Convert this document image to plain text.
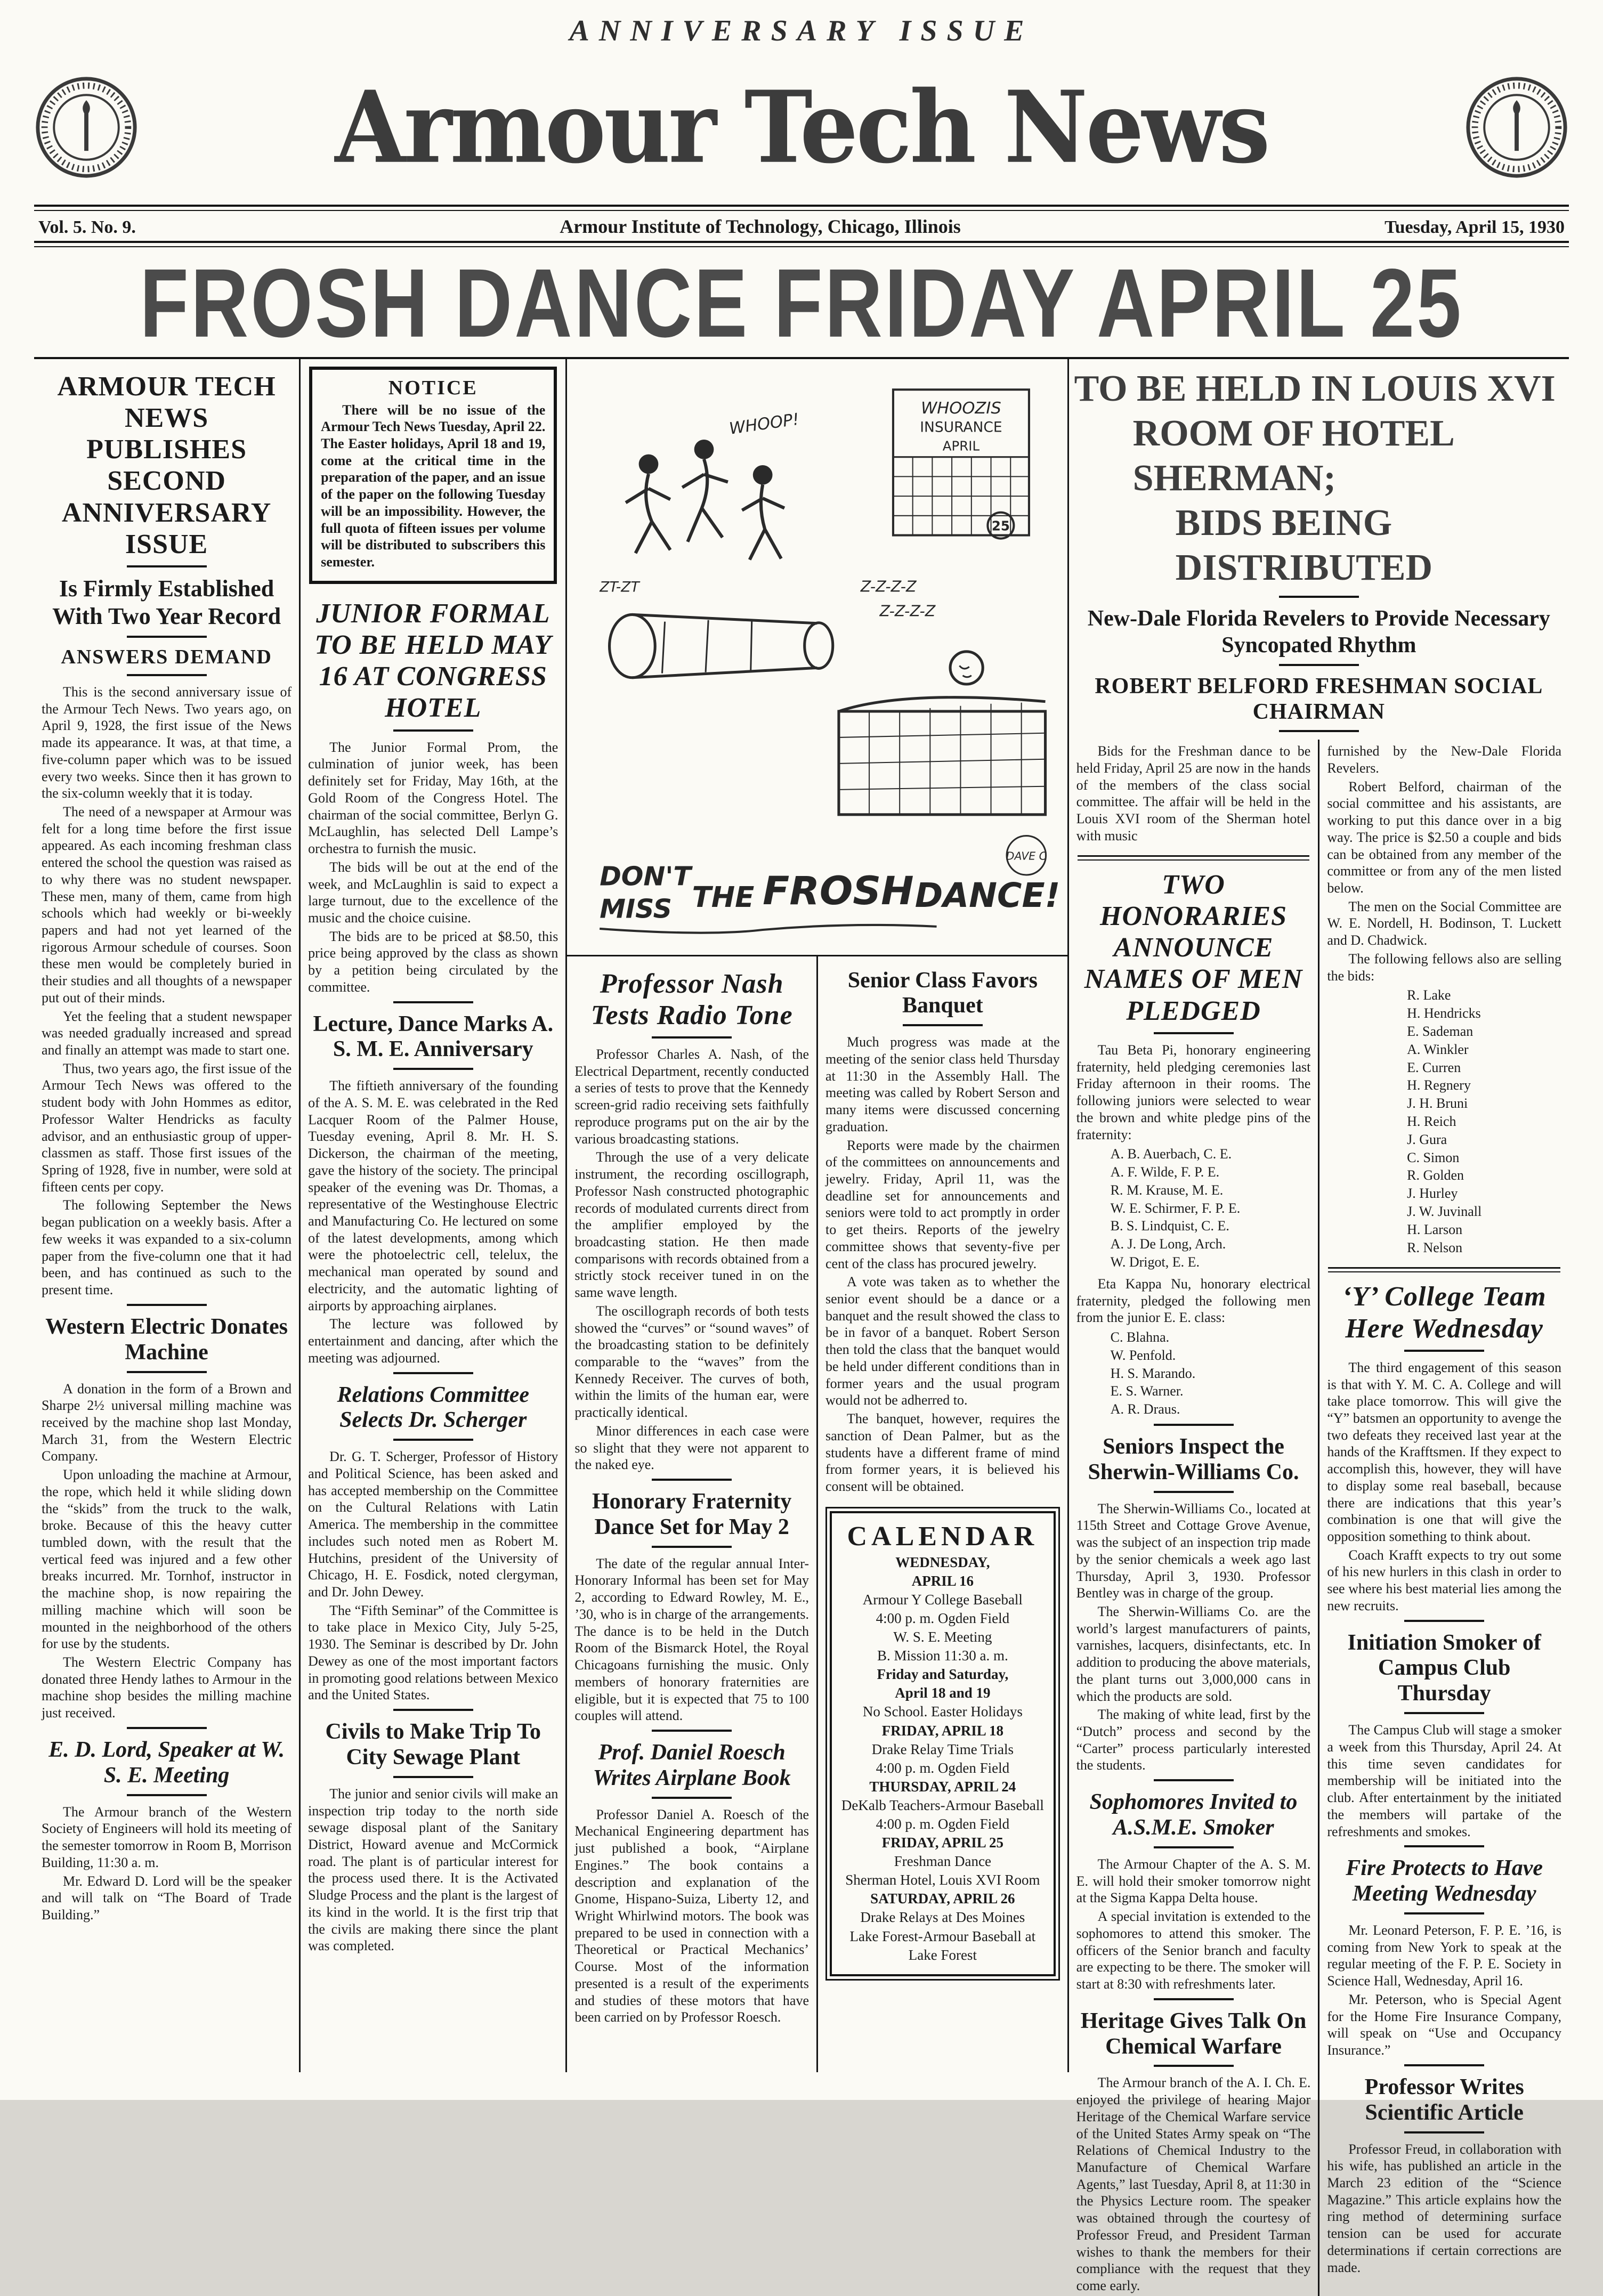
ANNIVERSARY ISSUE
Armour Tech News
Vol. 5. No. 9.	Armour Institute of Technology, Chicago, Illinois	Tuesday, April 15, 1930
FROSH DANCE FRIDAY APRIL 25
ARMOUR TECH NEWS PUBLISHES SECOND ANNIVERSARY ISSUE
Is Firmly Established With Two Year Record
ANSWERS DEMAND

This is the second anniversary issue of the Armour Tech News. Two years ago, on April 9, 1928, the first issue of the News made its appearance. It was, at that time, a five-column paper which was to be issued every two weeks. Since then it has grown to the six-column weekly that it is today.

The need of a newspaper at Armour was felt for a long time before the first issue appeared. As each incoming freshman class entered the school the question was raised as to why there was no student newspaper. These men, many of them, came from high schools which had weekly or bi-weekly papers and had not yet learned of the rigorous Armour schedule of courses. Soon these men would be completely buried in their studies and all thoughts of a newspaper put out of their minds.

Yet the feeling that a student newspaper was needed gradually increased and spread and finally an attempt was made to start one.

Thus, two years ago, the first issue of the Armour Tech News was offered to the student body with John Hommes as editor, Professor Walter Hendricks as faculty advisor, and an enthusiastic group of upper-classmen as staff. Those first issues of the Spring of 1928, five in number, were sold at fifteen cents per copy.

The following September the News began publication on a weekly basis. After a few weeks it was expanded to a six-column paper from the five-column one that it had been, and has continued as such to the present time.

Western Electric Donates Machine

A donation in the form of a Brown and Sharpe 2½ universal milling machine was received by the machine shop last Monday, March 31, from the Western Electric Company.

Upon unloading the machine at Armour, the rope, which held it while sliding down the “skids” from the truck to the walk, broke. Because of this the heavy cutter tumbled down, with the result that the vertical feed was injured and a few other breaks incurred. Mr. Tornhof, instructor in the machine shop, is now repairing the milling machine which will soon be mounted in the neighborhood of the others for use by the students.

The Western Electric Company has donated three Hendy lathes to Armour in the machine shop besides the milling machine just received.

E. D. Lord, Speaker at W. S. E. Meeting

The Armour branch of the Western Society of Engineers will hold its meeting of the semester tomorrow in Room B, Morrison Building, 11:30 a. m.

Mr. Edward D. Lord will be the speaker and will talk on “The Board of Trade Building.”

NOTICE

There will be no issue of the Armour Tech News Tuesday, April 22. The Easter holidays, April 18 and 19, come at the critical time in the preparation of the paper, and an issue of the paper on the following Tuesday will be an impossibility. However, the full quota of fifteen issues per volume will be distributed to subscribers this semester.

JUNIOR FORMAL TO BE HELD MAY 16 AT CONGRESS HOTEL

The Junior Formal Prom, the culmination of junior week, has been definitely set for Friday, May 16th, at the Gold Room of the Congress Hotel. The chairman of the social committee, Berlyn G. McLaughlin, has selected Dell Lampe’s orchestra to furnish the music.

The bids will be out at the end of the week, and McLaughlin is said to expect a large turnout, due to the excellence of the music and the choice cuisine.

The bids are to be priced at $8.50, this price being approved by the class as shown by a petition being circulated by the committee.

Lecture, Dance Marks A. S. M. E. Anniversary

The fiftieth anniversary of the founding of the A. S. M. E. was celebrated in the Red Lacquer Room of the Palmer House, Tuesday evening, April 8. Mr. H. S. Dickerson, the chairman of the meeting, gave the history of the society. The principal speaker of the evening was Dr. Thomas, a representative of the Westinghouse Electric and Manufacturing Co. He lectured on some of the latest developments, among which were the photoelectric cell, telelux, the mechanical man operated by sound and electricity, and the automatic lighting of airports by approaching airplanes.

The lecture was followed by entertainment and dancing, after which the meeting was adjourned.

Relations Committee Selects Dr. Scherger

Dr. G. T. Scherger, Professor of History and Political Science, has been asked and has accepted membership on the Committee on the Cultural Relations with Latin America. The membership in the committee includes such noted men as Robert M. Hutchins, president of the University of Chicago, H. E. Fosdick, noted clergyman, and Dr. John Dewey.

The “Fifth Seminar” of the Committee is to take place in Mexico City, July 5-25, 1930. The Seminar is described by Dr. John Dewey as one of the most important factors in promoting good relations between Mexico and the United States.

Civils to Make Trip To City Sewage Plant

The junior and senior civils will make an inspection trip today to the north side sewage disposal plant of the Sanitary District, Howard avenue and McCormick road. The plant is of particular interest for the process used there. It is the Activated Sludge Process and the plant is the largest of its kind in the world. It is the first trip that the civils are making there since the plant was completed.

WHOOZIS
INSURANCE
APRIL
25
WHOOP!
ZT-ZT	Z-Z-Z-Z
Z-Z-Z-Z
DAVE C
DON'T
MISS THE FROSH DANCE!
Professor Nash Tests Radio Tone

Professor Charles A. Nash, of the Electrical Department, recently conducted a series of tests to prove that the Kennedy screen-grid radio receiving sets faithfully reproduce programs put on the air by the various broadcasting stations.

Through the use of a very delicate instrument, the recording oscillograph, Professor Nash constructed photographic records of modulated currents direct from the amplifier employed by the broadcasting station. He then made comparisons with records obtained from a strictly stock receiver tuned in on the same wave length.

The oscillograph records of both tests showed the “curves” or “sound waves” of the broadcasting station to be definitely comparable to the “waves” from the Kennedy Receiver. The curves of both, within the limits of the human ear, were practically identical.

Minor differences in each case were so slight that they were not apparent to the naked eye.

Honorary Fraternity Dance Set for May 2

The date of the regular annual Inter-Honorary Informal has been set for May 2, according to Edward Rowley, M. E., ’30, who is in charge of the arrangements. The dance is to be held in the Dutch Room of the Bismarck Hotel, the Royal Chicagoans furnishing the music. Only members of honorary fraternities are eligible, but it is expected that 75 to 100 couples will attend.

Prof. Daniel Roesch Writes Airplane Book

Professor Daniel A. Roesch of the Mechanical Engineering department has just published a book, “Airplane Engines.” The book contains a description and explanation of the Gnome, Hispano-Suiza, Liberty 12, and Wright Whirlwind motors. The book was prepared to be used in connection with a Theoretical or Practical Mechanics’ Course. Most of the information presented is a result of the experiments and studies of these motors that have been carried on by Professor Roesch.

Senior Class Favors Banquet

Much progress was made at the meeting of the senior class held Thursday at 11:30 in the Assembly Hall. The meeting was called by Robert Serson and many items were discussed concerning graduation.

Reports were made by the chairmen of the committees on announcements and jewelry. Friday, April 11, was the deadline set for announcements and seniors were told to act promptly in order to get theirs. Reports of the jewelry committee shows that seventy-five per cent of the class has procured jewelry.

A vote was taken as to whether the senior event should be a dance or a banquet and the result showed the class to be in favor of a banquet. Robert Serson then told the class that the banquet would be held under different conditions than in former years and the usual program would not be adherred to.

The banquet, however, requires the sanction of Dean Palmer, but as the students have a different frame of mind from former years, it is believed his consent will be obtained.

CALENDAR
WEDNESDAY,
APRIL 16
Armour Y College Baseball
4:00 p. m. Ogden Field
W. S. E. Meeting
B. Mission 11:30 a. m.
Friday and Saturday,
April 18 and 19
No School. Easter Holidays
FRIDAY, APRIL 18
Drake Relay Time Trials
4:00 p. m. Ogden Field
THURSDAY, APRIL 24
DeKalb Teachers-Armour Baseball
4:00 p. m. Ogden Field
FRIDAY, APRIL 25
Freshman Dance
Sherman Hotel, Louis XVI Room
SATURDAY, APRIL 26
Drake Relays at Des Moines
Lake Forest-Armour Baseball at Lake Forest
TO BE HELD IN LOUIS XVI
ROOM OF HOTEL SHERMAN;
BIDS BEING DISTRIBUTED
New-Dale Florida Revelers to Provide Necessary Syncopated Rhythm
ROBERT BELFORD FRESHMAN SOCIAL CHAIRMAN

Bids for the Freshman dance to be held Friday, April 25 are now in the hands of the members of the class social committee. The affair will be held in the Louis XVI room of the Sherman hotel with music

TWO HONORARIES ANNOUNCE NAMES OF MEN PLEDGED

Tau Beta Pi, honorary engineering fraternity, held pledging ceremonies last Friday afternoon in their rooms. The following juniors were selected to wear the brown and white pledge pins of the fraternity:

A. B. Auerbach, C. E.
A. F. Wilde, F. P. E.
R. M. Krause, M. E.
W. E. Schirmer, F. P. E.
B. S. Lindquist, C. E.
A. J. De Long, Arch.
W. Drigot, E. E.

Eta Kappa Nu, honorary electrical fraternity, pledged the following men from the junior E. E. class:

C. Blahna.
W. Penfold.
H. S. Marando.
E. S. Warner.
A. R. Draus.
Seniors Inspect the Sherwin-Williams Co.

The Sherwin-Williams Co., located at 115th Street and Cottage Grove Avenue, was the subject of an inspection trip made by the senior chemicals a week ago last Thursday, April 3, 1930. Professor Bentley was in charge of the group.

The Sherwin-Williams Co. are the world’s largest manufacturers of paints, varnishes, lacquers, disinfectants, etc. In addition to producing the above materials, the plant turns out 3,000,000 cans in which the products are sold.

The making of white lead, first by the “Dutch” process and second by the “Carter” process particularly interested the students.

Sophomores Invited to A.S.M.E. Smoker

The Armour Chapter of the A. S. M. E. will hold their smoker tomorrow night at the Sigma Kappa Delta house.

A special invitation is extended to the sophomores to attend this smoker. The officers of the Senior branch and faculty are expecting to be there. The smoker will start at 8:30 with refreshments later.

Heritage Gives Talk On Chemical Warfare

The Armour branch of the A. I. Ch. E. enjoyed the privilege of hearing Major Heritage of the Chemical Warfare service of the United States Army speak on “The Relations of Chemical Industry to the Manufacture of Chemical Warfare Agents,” last Tuesday, April 8, at 11:30 in the Physics Lecture room. The speaker was obtained through the courtesy of Professor Freud, and President Tarman wishes to thank the members for their compliance with the request that they come early.

furnished by the New-Dale Florida Revelers.

Robert Belford, chairman of the social committee and his assistants, are working to put this dance over in a big way. The price is $2.50 a couple and bids can be obtained from any member of the committee or from any of the men listed below.

The men on the Social Committee are W. E. Nordell, H. Bodinson, T. Luckett and D. Chadwick.

The following fellows also are selling the bids:

R. Lake
H. Hendricks
E. Sademan
A. Winkler
E. Curren
H. Regnery
J. H. Bruni
H. Reich
J. Gura
C. Simon
R. Golden
J. Hurley
J. W. Juvinall
H. Larson
R. Nelson
‘Y’ College Team Here Wednesday

The third engagement of this season is that with Y. M. C. A. College and will take place tomorrow. This will give the “Y” batsmen an opportunity to avenge the two defeats they received last year at the hands of the Krafftsmen. If they expect to accomplish this, however, they will have to display some real baseball, because there are indications that this year’s combination is one that will give the opposition something to think about.

Coach Krafft expects to try out some of his new hurlers in this clash in order to see where his best material lies among the new recruits.

Initiation Smoker of Campus Club Thursday

The Campus Club will stage a smoker a week from this Thursday, April 24. At this time seven candidates for membership will be initiated into the club. After entertainment by the initiated the members will partake of the refreshments and smokes.

Fire Protects to Have Meeting Wednesday

Mr. Leonard Peterson, F. P. E. ’16, is coming from New York to speak at the regular meeting of the F. P. E. Society in Science Hall, Wednesday, April 16.

Mr. Peterson, who is Special Agent for the Home Fire Insurance Company, will speak on “Use and Occupancy Insurance.”

Professor Writes Scientific Article

Professor Freud, in collaboration with his wife, has published an article in the March 23 edition of the “Science Magazine.” This article explains how the ring method of determining surface tension can be used for accurate determinations if certain corrections are made.
